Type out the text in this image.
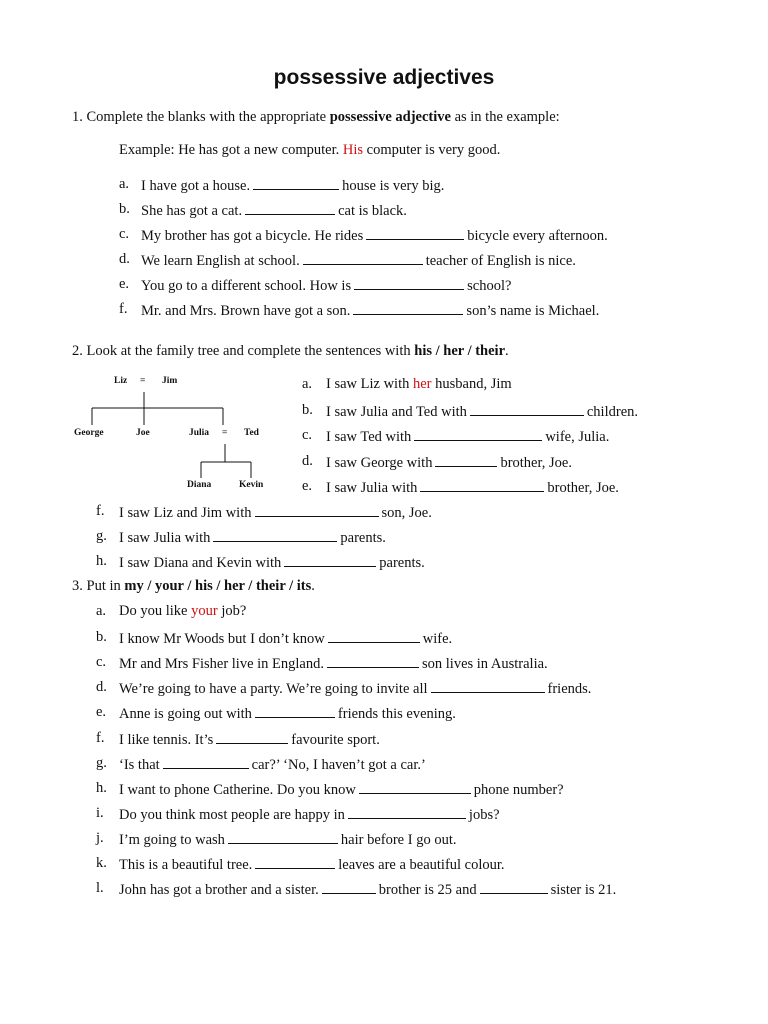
possessive adjectives
1. Complete the blanks with the appropriate possessive adjective as in the example:
Example: He has got a new computer. His computer is very good.
a. I have got a house.	house is very big.
b. She has got a cat.	cat is black.
c. My brother has got a bicycle. He rides	bicycle every afternoon.
d. We learn English at school.	teacher of English is nice.
e. You go to a different school. How is	school?
f. Mr. and Mrs. Brown have got a son.	son’s name is Michael.
2. Look at the family tree and complete the sentences with his / her / their.
Liz = Jim
George	Joe	Julia = Ted
Diana	Kevin
a. I saw Liz with her husband, Jim
b. I saw Julia and Ted with	children.
c. I saw Ted with	wife, Julia.
d. I saw George with	brother, Joe.
e. I saw Julia with	brother, Joe.
f.	I saw Liz and Jim with	son, Joe.
g. I saw Julia with	parents.
h. I saw Diana and Kevin with	parents.
3. Put in my / your / his / her / their / its.
a. Do you like your job?
b. I know Mr Woods but I don’t know	wife.
c. Mr and Mrs Fisher live in England.	son lives in Australia.
d. We’re going to have a party. We’re going to invite all	friends.
e. Anne is going out with	friends this evening.
f.	I like tennis. It’s	favourite sport.
g. ‘Is that	car?’ ‘No, I haven’t got a car.’
h. I want to phone Catherine. Do you know	phone number?
i.	Do you think most people are happy in	jobs?
j.	I’m going to wash	hair before I go out.
k. This is a beautiful tree.	leaves are a beautiful colour.
l.	John has got a brother and a sister.	brother is 25 and	sister is 21.
